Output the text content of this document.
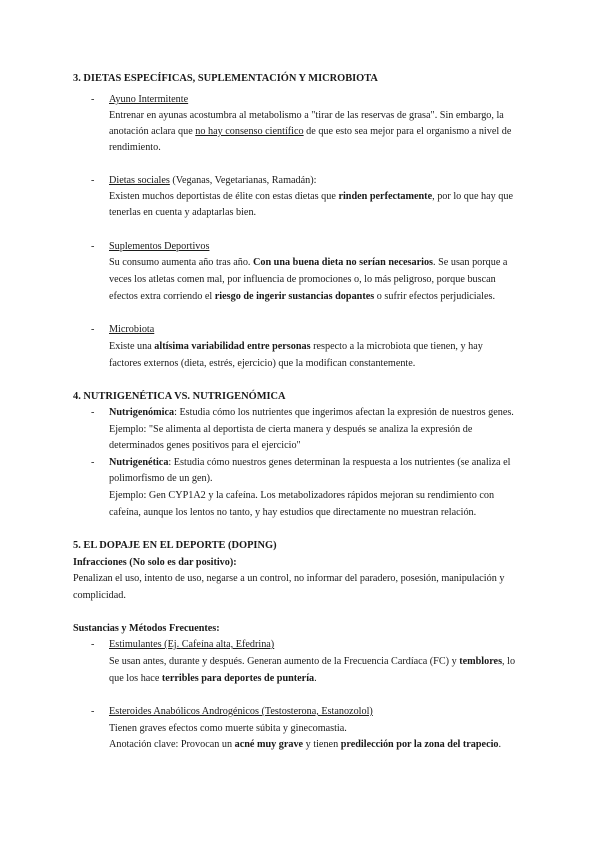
3. DIETAS ESPECÍFICAS, SUPLEMENTACIÓN Y MICROBIOTA
- Ayuno Intermitente
Entrenar en ayunas acostumbra al metabolismo a "tirar de las reservas de grasa". Sin embargo, la
anotación aclara que no hay consenso científico de que esto sea mejor para el organismo a nivel de
rendimiento.
- Dietas sociales (Veganas, Vegetarianas, Ramadán):
Existen muchos deportistas de élite con estas dietas que rinden perfectamente, por lo que hay que
tenerlas en cuenta y adaptarlas bien.
- Suplementos Deportivos
Su consumo aumenta año tras año. Con una buena dieta no serían necesarios. Se usan porque a
veces los atletas comen mal, por influencia de promociones o, lo más peligroso, porque buscan
efectos extra corriendo el riesgo de ingerir sustancias dopantes o sufrir efectos perjudiciales.
- Microbiota
Existe una altísima variabilidad entre personas respecto a la microbiota que tienen, y hay
factores externos (dieta, estrés, ejercicio) que la modifican constantemente.
4. NUTRIGENÉTICA VS. NUTRIGENÓMICA
- Nutrigenómica: Estudia cómo los nutrientes que ingerimos afectan la expresión de nuestros genes.
Ejemplo: "Se alimenta al deportista de cierta manera y después se analiza la expresión de
determinados genes positivos para el ejercicio"
- Nutrigenética: Estudia cómo nuestros genes determinan la respuesta a los nutrientes (se analiza el
polimorfismo de un gen).
Ejemplo: Gen CYP1A2 y la cafeína. Los metabolizadores rápidos mejoran su rendimiento con
cafeína, aunque los lentos no tanto, y hay estudios que directamente no muestran relación.
5. EL DOPAJE EN EL DEPORTE (DOPING)
Infracciones (No solo es dar positivo):
Penalizan el uso, intento de uso, negarse a un control, no informar del paradero, posesión, manipulación y
complicidad.
Sustancias y Métodos Frecuentes:
- Estimulantes (Ej. Cafeína alta, Efedrina)
Se usan antes, durante y después. Generan aumento de la Frecuencia Cardíaca (FC) y temblores, lo
que los hace terribles para deportes de puntería.
- Esteroides Anabólicos Androgénicos (Testosterona, Estanozolol)
Tienen graves efectos como muerte súbita y ginecomastia.
Anotación clave: Provocan un acné muy grave y tienen predilección por la zona del trapecio.
